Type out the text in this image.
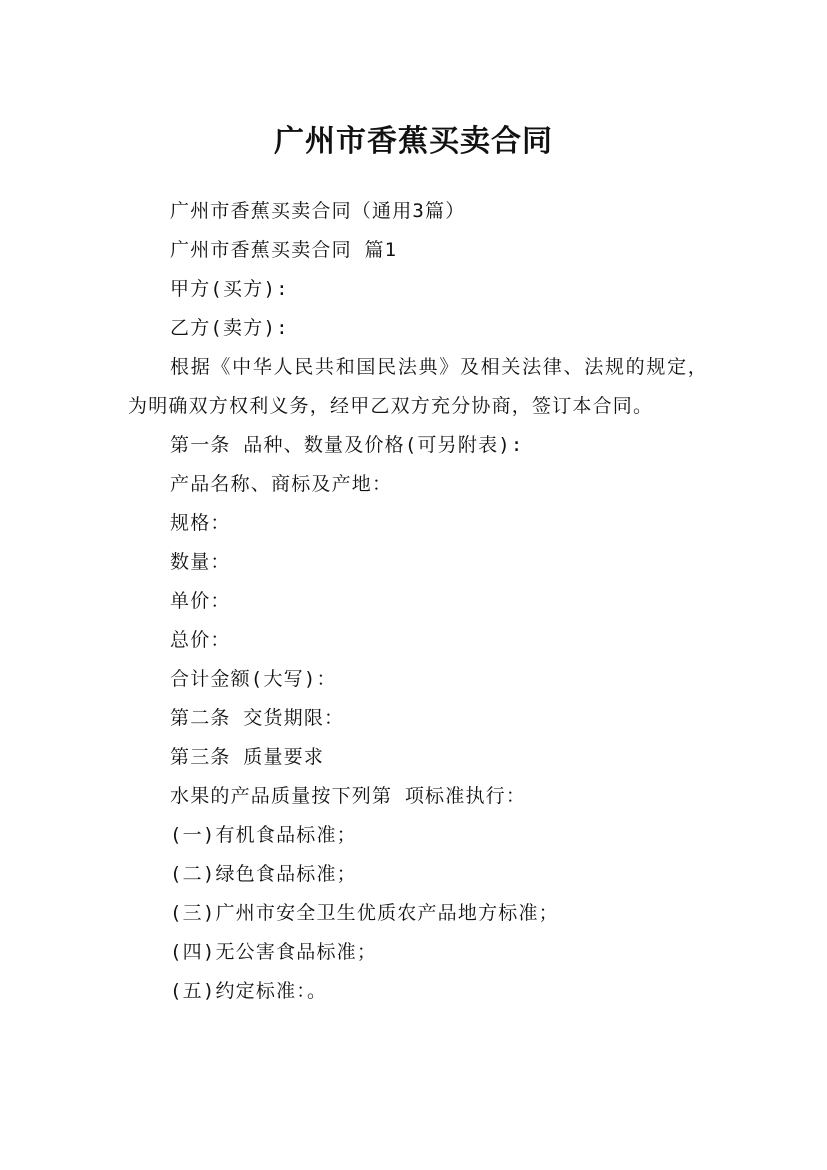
广州市香蕉买卖合同

广州市香蕉买卖合同（通用3篇）

广州市香蕉买卖合同 篇1

甲方(买方):

乙方(卖方):

根据《中华人民共和国民法典》及相关法律、法规的规定，为明确双方权利义务，经甲乙双方充分协商，签订本合同。

第一条 品种、数量及价格(可另附表):

产品名称、商标及产地：

规格：

数量：

单价：

总价：

合计金额(大写)：

第二条 交货期限：

第三条 质量要求

水果的产品质量按下列第 项标准执行：

(一)有机食品标准；

(二)绿色食品标准；

(三)广州市安全卫生优质农产品地方标准；

(四)无公害食品标准；

(五)约定标准：。
